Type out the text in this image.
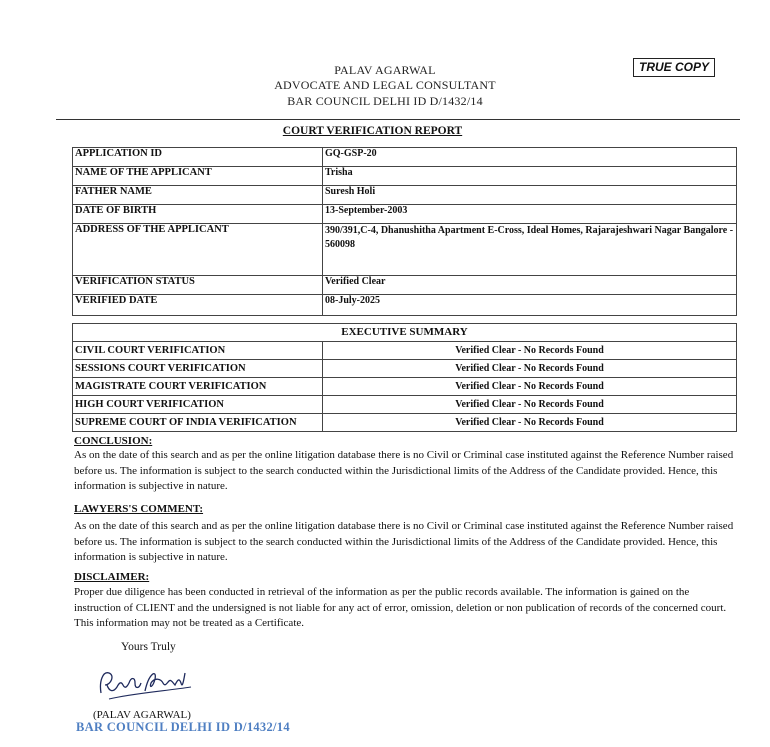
PALAV AGARWAL
ADVOCATE AND LEGAL CONSULTANT
BAR COUNCIL DELHI ID D/1432/14
TRUE COPY
COURT VERIFICATION REPORT
APPLICATION ID	GQ-GSP-20
NAME OF THE APPLICANT	Trisha
FATHER NAME	Suresh Holi
DATE OF BIRTH	13-September-2003
ADDRESS OF THE APPLICANT	390/391,C-4, Dhanushitha Apartment E-Cross, Ideal Homes, Rajarajeshwari Nagar Bangalore - 560098
VERIFICATION STATUS	Verified Clear
VERIFIED DATE	08-July-2025
EXECUTIVE SUMMARY	
CIVIL COURT VERIFICATION	Verified Clear - No Records Found
SESSIONS COURT VERIFICATION	Verified Clear - No Records Found
MAGISTRATE COURT VERIFICATION	Verified Clear - No Records Found
HIGH COURT VERIFICATION	Verified Clear - No Records Found
SUPREME COURT OF INDIA VERIFICATION	Verified Clear - No Records Found
CONCLUSION:
As on the date of this search and as per the online litigation database there is no Civil or Criminal case instituted against the Reference Number raised before us. The information is subject to the search conducted within the Jurisdictional limits of the Address of the Candidate provided. Hence, this information is subjective in nature.
LAWYERS'S COMMENT:
As on the date of this search and as per the online litigation database there is no Civil or Criminal case instituted against the Reference Number raised before us. The information is subject to the search conducted within the Jurisdictional limits of the Address of the Candidate provided. Hence, this information is subjective in nature.
DISCLAIMER:
Proper due diligence has been conducted in retrieval of the information as per the public records available. The information is gained on the instruction of CLIENT and the undersigned is not liable for any act of error, omission, deletion or non publication of records of the concerned court. This information may not be treated as a Certificate.
Yours Truly
(PALAV AGARWAL)
BAR COUNCIL DELHI ID D/1432/14
